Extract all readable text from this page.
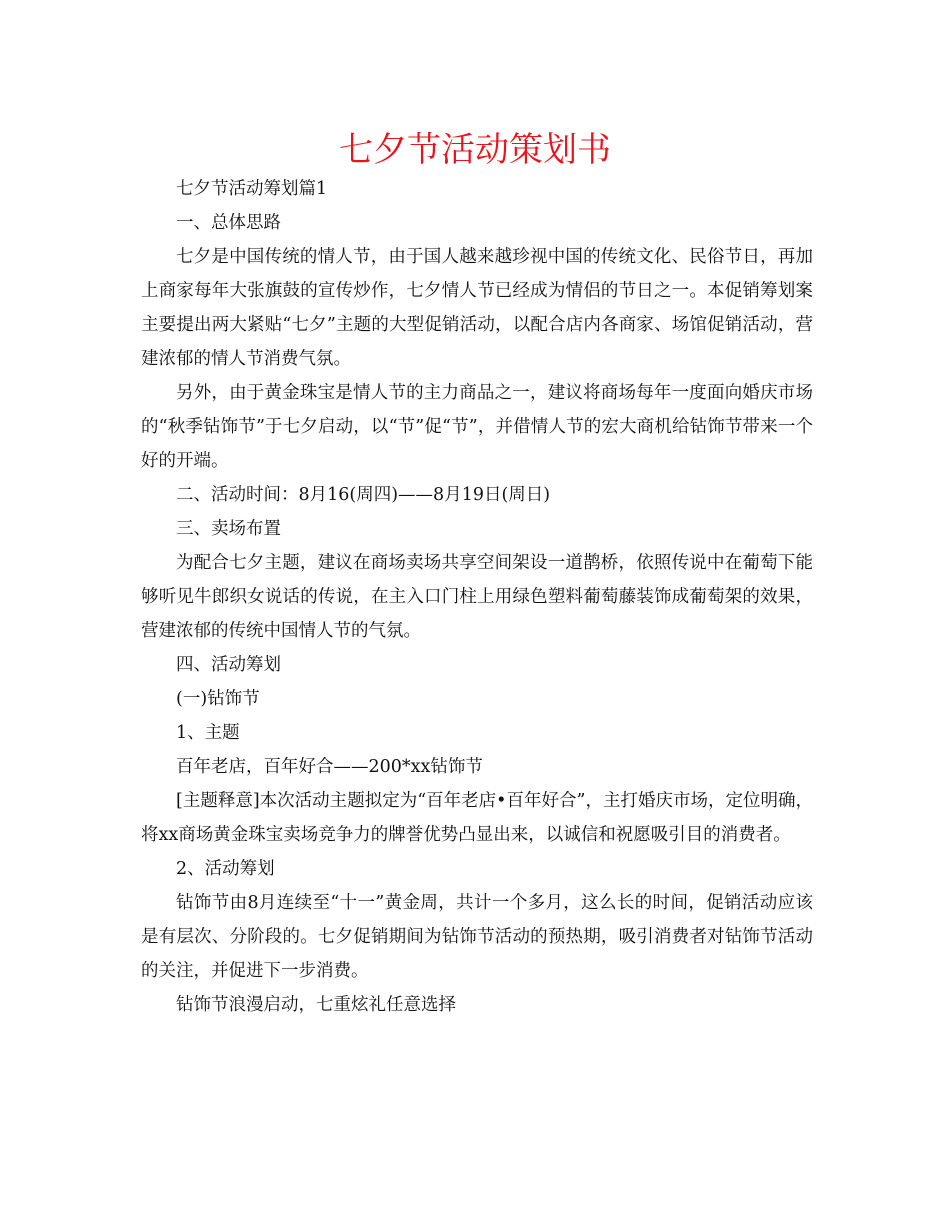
七夕节活动策划书

七夕节活动筹划篇1

一、总体思路

七夕是中国传统的情人节，由于国人越来越珍视中国的传统文化、民俗节日，再加上商家每年大张旗鼓的宣传炒作，七夕情人节已经成为情侣的节日之一。本促销筹划案主要提出两大紧贴“七夕”主题的大型促销活动，以配合店内各商家、场馆促销活动，营建浓郁的情人节消费气氛。

另外，由于黄金珠宝是情人节的主力商品之一，建议将商场每年一度面向婚庆市场的“秋季钻饰节”于七夕启动，以“节”促“节”，并借情人节的宏大商机给钻饰节带来一个好的开端。

二、活动时间：8月16(周四)——8月19日(周日)

三、卖场布置

为配合七夕主题，建议在商场卖场共享空间架设一道鹊桥，依照传说中在葡萄下能够听见牛郎织女说话的传说，在主入口门柱上用绿色塑料葡萄藤装饰成葡萄架的效果，营建浓郁的传统中国情人节的气氛。

四、活动筹划

(一)钻饰节

1、主题

百年老店，百年好合——200*xx钻饰节

[主题释意]本次活动主题拟定为“百年老店•百年好合”，主打婚庆市场，定位明确，将xx商场黄金珠宝卖场竞争力的牌誉优势凸显出来，以诚信和祝愿吸引目的消费者。

2、活动筹划

钻饰节由8月连续至“十一”黄金周，共计一个多月，这么长的时间，促销活动应该是有层次、分阶段的。七夕促销期间为钻饰节活动的预热期，吸引消费者对钻饰节活动的关注，并促进下一步消费。

钻饰节浪漫启动，七重炫礼任意选择
